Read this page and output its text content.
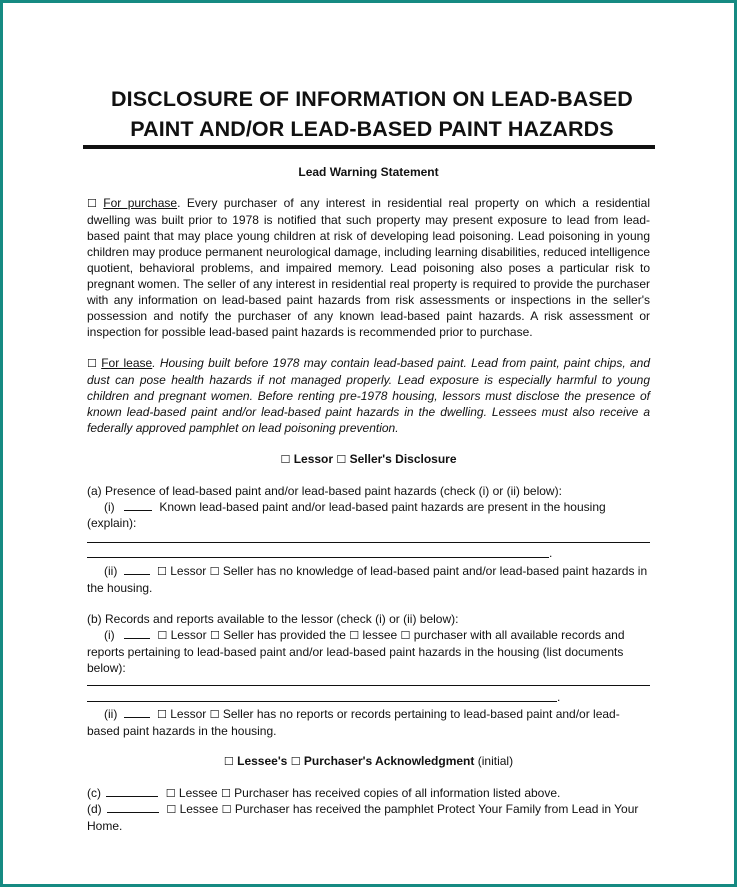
DISCLOSURE OF INFORMATION ON LEAD-BASED
PAINT AND/OR LEAD-BASED PAINT HAZARDS
Lead Warning Statement
☐ For purchase. Every purchaser of any interest in residential real property on which a residential dwelling was built prior to 1978 is notified that such property may present exposure to lead from lead-based paint that may place young children at risk of developing lead poisoning. Lead poisoning in young children may produce permanent neurological damage, including learning disabilities, reduced intelligence quotient, behavioral problems, and impaired memory. Lead poisoning also poses a particular risk to pregnant women. The seller of any interest in residential real property is required to provide the purchaser with any information on lead-based paint hazards from risk assessments or inspections in the seller's possession and notify the purchaser of any known lead-based paint hazards. A risk assessment or inspection for possible lead-based paint hazards is recommended prior to purchase.
☐ For lease. Housing built before 1978 may contain lead-based paint. Lead from paint, paint chips, and dust can pose health hazards if not managed properly. Lead exposure is especially harmful to young children and pregnant women. Before renting pre-1978 housing, lessors must disclose the presence of known lead-based paint and/or lead-based paint hazards in the dwelling. Lessees must also receive a federally approved pamphlet on lead poisoning prevention.
☐ Lessor ☐ Seller's Disclosure
(a) Presence of lead-based paint and/or lead-based paint hazards (check (i) or (ii) below):
(i)	Known lead-based paint and/or lead-based paint hazards are present in the housing (explain):
.
(ii)	☐ Lessor ☐ Seller has no knowledge of lead-based paint and/or lead-based paint hazards in the housing.
(b) Records and reports available to the lessor (check (i) or (ii) below):
(i)	☐ Lessor ☐ Seller has provided the ☐ lessee ☐ purchaser with all available records and reports pertaining to lead-based paint and/or lead-based paint hazards in the housing (list documents below):
.
(ii)	☐ Lessor ☐ Seller has no reports or records pertaining to lead-based paint and/or lead-based paint hazards in the housing.
☐ Lessee's ☐ Purchaser's Acknowledgment (initial)
(c)	☐ Lessee ☐ Purchaser has received copies of all information listed above.
(d)	☐ Lessee ☐ Purchaser has received the pamphlet Protect Your Family from Lead in Your Home.
